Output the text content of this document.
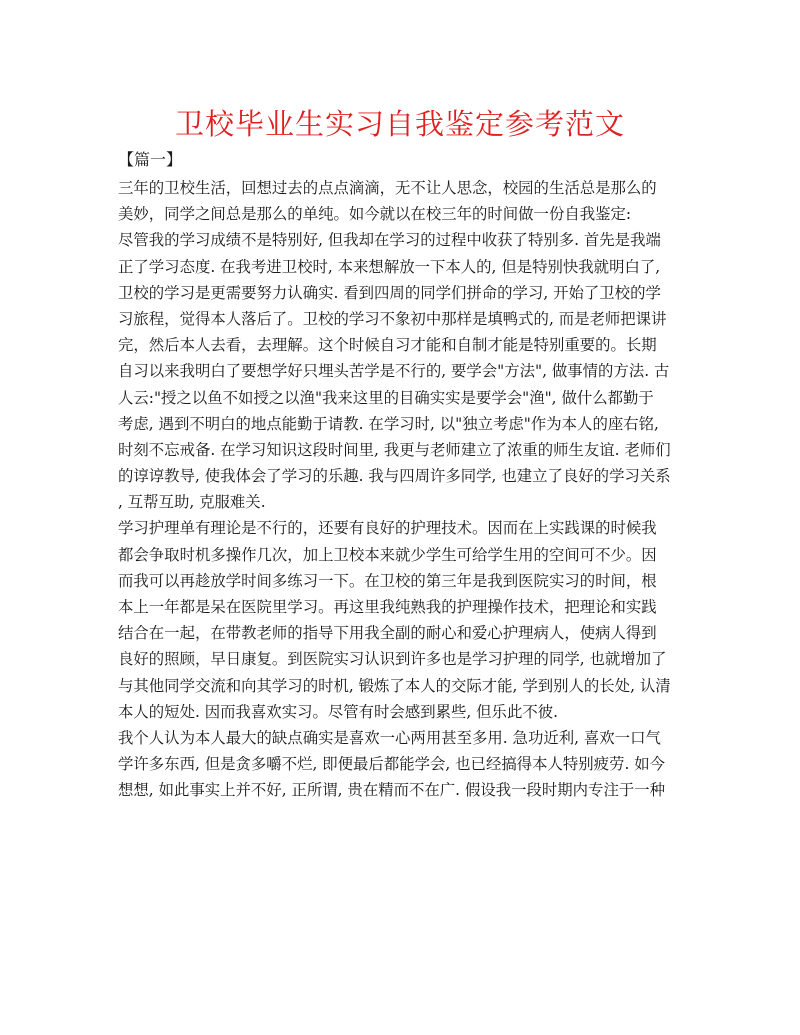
卫校毕业生实习自我鉴定参考范文

【篇一】

三年的卫校生活，回想过去的点点滴滴，无不让人思念，校园的生活总是那么的
美妙，同学之间总是那么的单纯。如今就以在校三年的时间做一份自我鉴定:
尽管我的学习成绩不是特别好, 但我却在学习的过程中收获了特别多. 首先是我端
正了学习态度. 在我考进卫校时, 本来想解放一下本人的, 但是特别快我就明白了,
卫校的学习是更需要努力认确实. 看到四周的同学们拼命的学习, 开始了卫校的学
习旅程，觉得本人落后了。卫校的学习不象初中那样是填鸭式的, 而是老师把课讲
完，然后本人去看，去理解。这个时候自习才能和自制才能是特别重要的。长期
自习以来我明白了要想学好只埋头苦学是不行的, 要学会"方法", 做事情的方法. 古
人云:"授之以鱼不如授之以渔"我来这里的目确实实是要学会"渔", 做什么都勤于
考虑, 遇到不明白的地点能勤于请教. 在学习时, 以"独立考虑"作为本人的座右铭,
时刻不忘戒备. 在学习知识这段时间里, 我更与老师建立了浓重的师生友谊. 老师们
的谆谆教导, 使我体会了学习的乐趣. 我与四周许多同学, 也建立了良好的学习关系
, 互帮互助, 克服难关.
学习护理单有理论是不行的，还要有良好的护理技术。因而在上实践课的时候我
都会争取时机多操作几次，加上卫校本来就少学生可给学生用的空间可不少。因
而我可以再趁放学时间多练习一下。在卫校的第三年是我到医院实习的时间，根
本上一年都是呆在医院里学习。再这里我纯熟我的护理操作技术，把理论和实践
结合在一起，在带教老师的指导下用我全副的耐心和爱心护理病人，使病人得到
良好的照顾，早日康复。到医院实习认识到许多也是学习护理的同学, 也就增加了
与其他同学交流和向其学习的时机, 锻炼了本人的交际才能, 学到别人的长处, 认清
本人的短处. 因而我喜欢实习。尽管有时会感到累些, 但乐此不彼.
我个人认为本人最大的缺点确实是喜欢一心两用甚至多用. 急功近利, 喜欢一口气
学许多东西, 但是贪多嚼不烂, 即便最后都能学会, 也已经搞得本人特别疲劳. 如今
想想, 如此事实上并不好, 正所谓, 贵在精而不在广. 假设我一段时期内专注于一种
